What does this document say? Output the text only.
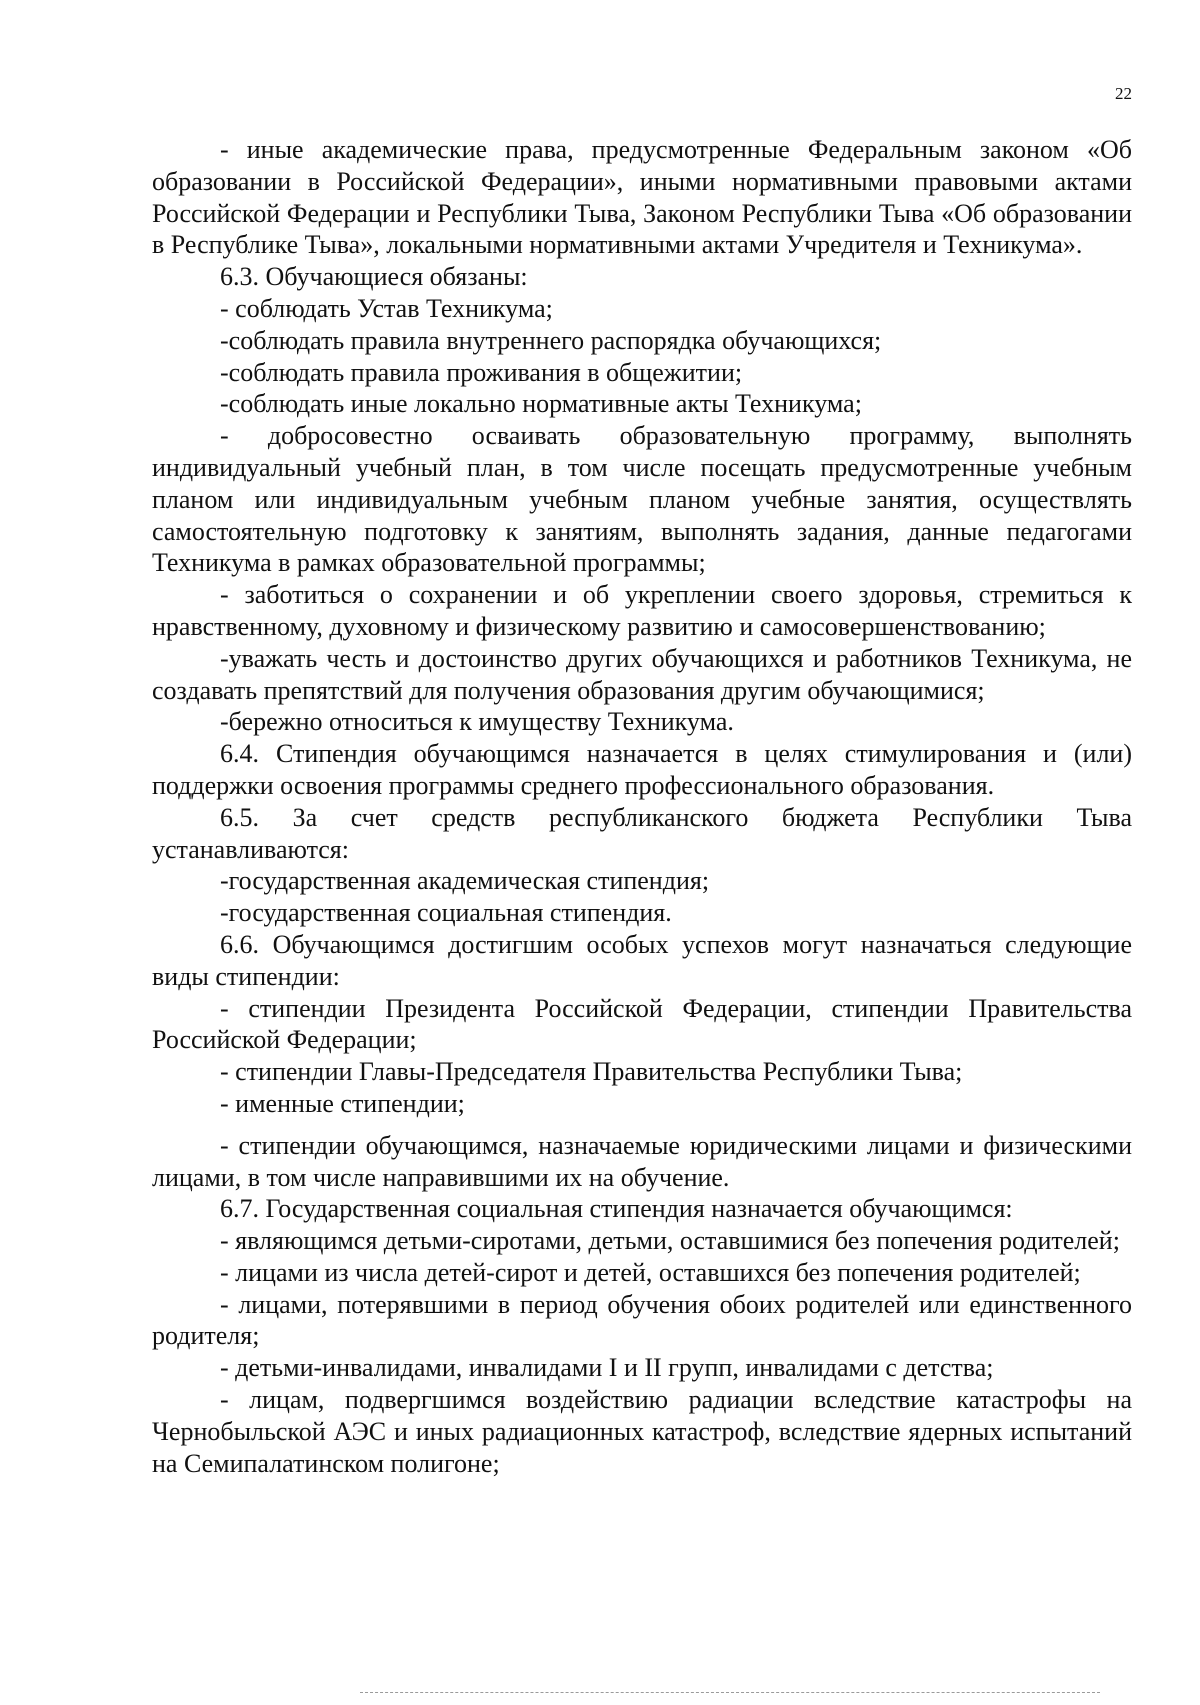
22

- иные академические права, предусмотренные Федеральным законом «Об образовании в Российской Федерации», иными нормативными правовыми актами Российской Федерации и Республики Тыва, Законом Республики Тыва «Об образовании в Республике Тыва», локальными нормативными актами Учредителя и Техникума».

6.3. Обучающиеся обязаны:

- соблюдать Устав Техникума;

-соблюдать правила внутреннего распорядка обучающихся;

-соблюдать правила проживания в общежитии;

-соблюдать иные локально нормативные акты Техникума;

- добросовестно осваивать образовательную программу, выполнять индивидуальный учебный план, в том числе посещать предусмотренные учебным планом или индивидуальным учебным планом учебные занятия, осуществлять самостоятельную подготовку к занятиям, выполнять задания, данные педагогами Техникума в рамках образовательной программы;

- заботиться о сохранении и об укреплении своего здоровья, стремиться к нравственному, духовному и физическому развитию и самосовершенствованию;

-уважать честь и достоинство других обучающихся и работников Техникума, не создавать препятствий для получения образования другим обучающимися;

-бережно относиться к имуществу Техникума.

6.4. Стипендия обучающимся назначается в целях стимулирования и (или) поддержки освоения программы среднего профессионального образования.

6.5. За счет средств республиканского бюджета Республики Тыва устанавливаются:

-государственная академическая стипендия;

-государственная социальная стипендия.

6.6. Обучающимся достигшим особых успехов могут назначаться следующие виды стипендии:

- стипендии Президента Российской Федерации, стипендии Правительства Российской Федерации;

- стипендии Главы-Председателя Правительства Республики Тыва;

- именные стипендии;

- стипендии обучающимся, назначаемые юридическими лицами и физическими лицами, в том числе направившими их на обучение.

6.7. Государственная социальная стипендия назначается обучающимся:

- являющимся детьми-сиротами, детьми, оставшимися без попечения родителей;

- лицами из числа детей-сирот и детей, оставшихся без попечения родителей;

- лицами, потерявшими в период обучения обоих родителей или единственного родителя;

- детьми-инвалидами, инвалидами I и II групп, инвалидами с детства;

- лицам, подвергшимся воздействию радиации вследствие катастрофы на Чернобыльской АЭС и иных радиационных катастроф, вследствие ядерных испытаний на Семипалатинском полигоне;
